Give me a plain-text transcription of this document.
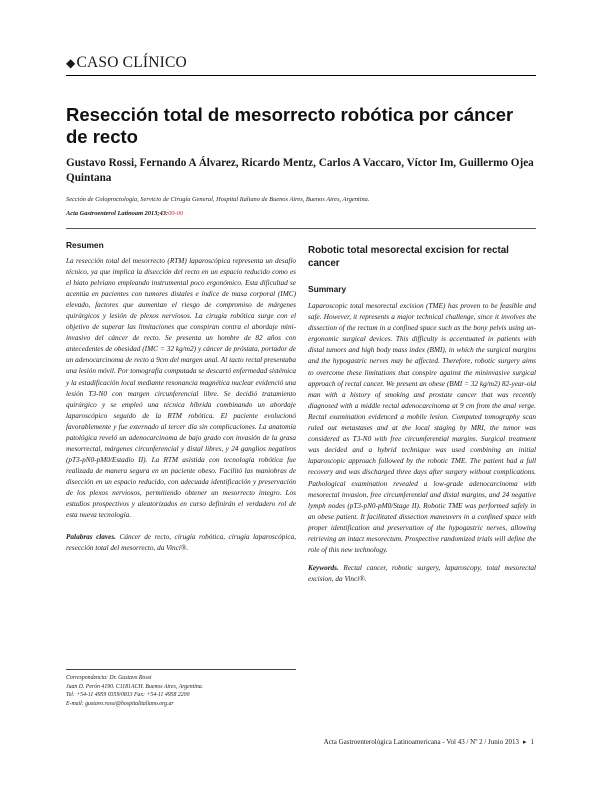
◆CASO CLÍNICO
Resección total de mesorrecto robótica por cáncer de recto
Gustavo Rossi, Fernando A Álvarez, Ricardo Mentz, Carlos A Vaccaro, Víctor Im, Guillermo Ojea Quintana
Sección de Coloproctología, Servicio de Cirugía General, Hospital Italiano de Buenos Aires, Buenos Aires, Argentina.
Acta Gastroenterol Latinoam 2013;43:00-00
Resumen

La resección total del mesorrecto (RTM) laparoscópica representa un desafío técnico, ya que implica la disección del recto en un espacio reducido como es el hiato pelviano empleando instrumental poco ergonómico. Esta dificultad se acentúa en pacientes con tumores distales e índice de masa corporal (IMC) elevado, factores que aumentan el riesgo de compromiso de márgenes quirúrgicos y lesión de plexos nerviosos. La cirugía robótica surge con el objetivo de superar las limitaciones que conspiran contra el abordaje mini-invasivo del cáncer de recto. Se presenta un hombre de 82 años con antecedentes de obesidad (IMC = 32 kg/m2) y cáncer de próstata, portador de un adenocarcinoma de recto a 9cm del margen anal. Al tacto rectal presentaba una lesión móvil. Por tomografía computada se descartó enfermedad sistémica y la estadificación local mediante resonancia magnética nuclear evidenció una lesión T3-N0 con margen circunferencial libre. Se decidió tratamiento quirúrgico y se empleó una técnica híbrida combinando un abordaje laparoscópico seguido de la RTM robótica. El paciente evolucionó favorablemente y fue externado al tercer día sin complicaciones. La anatomía patológica reveló un adenocarcinoma de bajo grado con invasión de la grasa mesorrectal, márgenes circunferencial y distal libres, y 24 ganglios negativos (pT3-pN0-pM0/Estadío II). La RTM asistida con tecnología robótica fue realizada de manera segura en un paciente obeso. Facilitó las maniobras de disección en un espacio reducido, con adecuada identificación y preservación de los plexos nerviosos, permitiendo obtener un mesorrecto íntegro. Los estudios prospectivos y aleatorizados en curso definirán el verdadero rol de esta nueva tecnología.

Palabras claves. Cáncer de recto, cirugía robótica, cirugía laparoscópica, resección total del mesorrecto, da Vinci®.

Correspondencia: Dr. Gustavo Rossi
Juan D. Perón 4190. C1181ACH. Buenos Aires, Argentina.
Tel: +54-11 4959 0359/0813 Fax: +54-11 4958 2200
E-mail: gustavo.rossi@hospitalitaliano.org.ar
Robotic total mesorectal excision for rectal cancer
Summary

Laparoscopic total mesorectal excision (TME) has proven to be feasible and safe. However, it represents a major technical challenge, since it involves the dissection of the rectum in a confined space such as the bony pelvis using un-ergonomic surgical devices. This difficulty is accentuated in patients with distal tumors and high body mass index (BMI), in which the surgical margins and the hypogastric nerves may be affected. Therefore, robotic surgery aims to overcome these limitations that conspire against the mininvasive surgical approach of rectal cancer. We present an obese (BMI = 32 kg/m2) 82-year-old man with a history of smoking and prostate cancer that was recently diagnosed with a middle rectal adenocarcinoma at 9 cm from the anal verge. Rectal examination evidenced a mobile lesion. Computed tomography scan ruled out metastases and at the local staging by MRI, the tumor was considered as T3-N0 with free circumferential margins. Surgical treatment was decided and a hybrid technique was used combining an initial laparoscopic approach followed by the robotic TME. The patient had a full recovery and was discharged three days after surgery without complications. Pathological examination revealed a low-grade adenocarcinoma with mesorectal invasion, free circumferential and distal margins, and 24 negative lymph nodes (pT3-pN0-pM0/Stage II). Robotic TME was performed safely in an obese patient. It facilitated dissection maneuvers in a confined space with proper identification and preservation of the hypogastric nerves, allowing retrieving an intact mesorectum. Prospective randomized trials will define the role of this new technology.

Keywords. Rectal cancer, robotic surgery, laparoscopy, total mesorectal excision, da Vinci®.

Acta Gastroenterológica Latinoamericana - Vol 43 / Nº 2 / Junio 2013 ▸ 1
